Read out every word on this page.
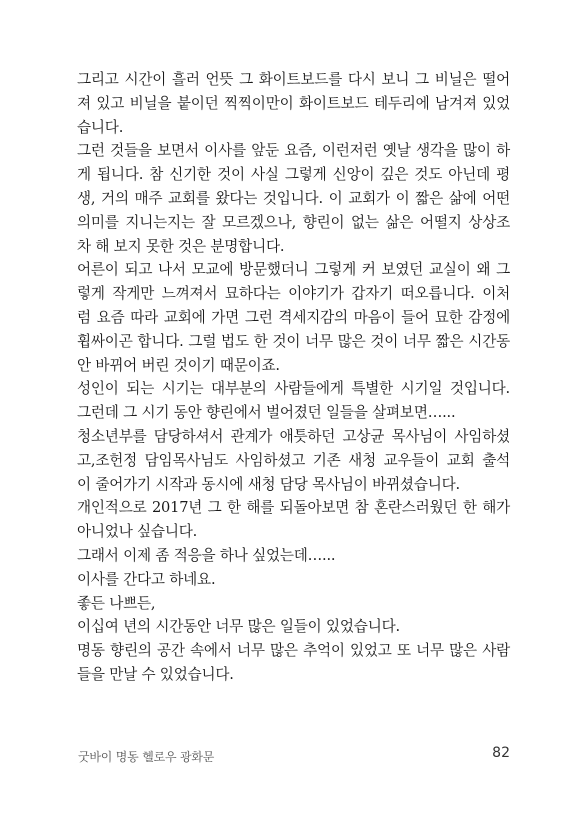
그리고 시간이 흘러 언뜻 그 화이트보드를 다시 보니 그 비닐은 떨어
져 있고 비닐을 붙이던 찍찍이만이 화이트보드 테두리에 남겨져 있었
습니다.
그런 것들을 보면서 이사를 앞둔 요즘, 이런저런 옛날 생각을 많이 하
게 됩니다. 참 신기한 것이 사실 그렇게 신앙이 깊은 것도 아닌데 평
생, 거의 매주 교회를 왔다는 것입니다. 이 교회가 이 짧은 삶에 어떤
의미를 지니는지는 잘 모르겠으나, 향린이 없는 삶은 어떨지 상상조
차 해 보지 못한 것은 분명합니다.
어른이 되고 나서 모교에 방문했더니 그렇게 커 보였던 교실이 왜 그
렇게 작게만 느껴져서 묘하다는 이야기가 갑자기 떠오릅니다. 이처
럼 요즘 따라 교회에 가면 그런 격세지감의 마음이 들어 묘한 감정에
휩싸이곤 합니다. 그럴 법도 한 것이 너무 많은 것이 너무 짧은 시간동
안 바뀌어 버린 것이기 때문이죠.
성인이 되는 시기는 대부분의 사람들에게 특별한 시기일 것입니다.
그런데 그 시기 동안 향린에서 벌어졌던 일들을 살펴보면…...
청소년부를 담당하셔서 관계가 애틋하던 고상균 목사님이 사임하셨
고,조헌정 담임목사님도 사임하셨고 기존 새청 교우들이 교회 출석
이 줄어가기 시작과 동시에 새청 담당 목사님이 바뀌셨습니다.
개인적으로 2017년 그 한 해를 되돌아보면 참 혼란스러웠던 한 해가
아니었나 싶습니다.
그래서 이제 좀 적응을 하나 싶었는데…...
이사를 간다고 하네요.
좋든 나쁘든,
이십여 년의 시간동안 너무 많은 일들이 있었습니다.
명동 향린의 공간 속에서 너무 많은 추억이 있었고 또 너무 많은 사람
들을 만날 수 있었습니다.
굿바이 명동 헬로우 광화문	82
